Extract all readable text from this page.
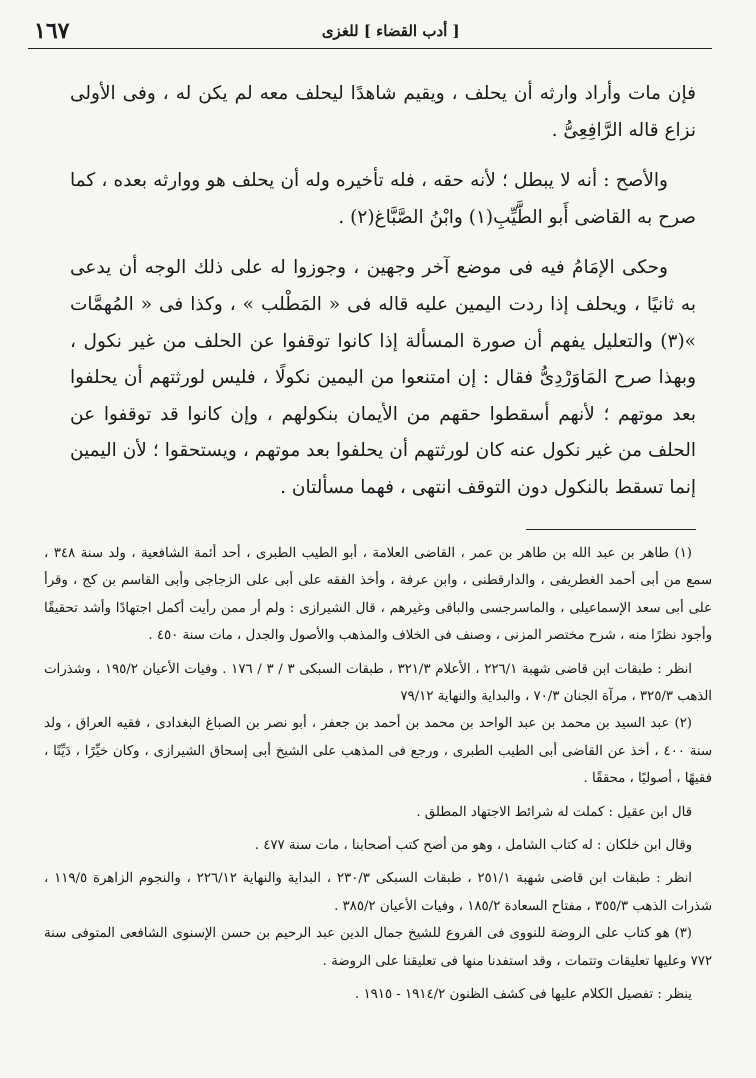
[ أدب القضاء ] للغزى
١٦٧

فإن مات وأراد وارثه أن يحلف ، ويقيم شاهدًا ليحلف معه لم يكن له ، وفى الأولى نزاع قاله الرَّافِعِىُّ .

والأصح : أنه لا يبطل ؛ لأنه حقه ، فله تأخيره وله أن يحلف هو ووارثه بعده ، كما صرح به القاضى أَبو الطَّيِّبِ(١) وابْنُ الصَّبَّاغ(٢) .

وحكى الإمَامُ فيه فى موضع آخر وجهين ، وجوزوا له على ذلك الوجه أن يدعى به ثانيًا ، ويحلف إذا ردت اليمين عليه قاله فى « المَطْلب » ، وكذا فى « المُهمَّات »(٣) والتعليل يفهم أن صورة المسألة إذا كانوا توقفوا عن الحلف من غير نكول ، وبهذا صرح المَاوَرْدِىُّ فقال : إن امتنعوا من اليمين نكولًا ، فليس لورثتهم أن يحلفوا بعد موتهم ؛ لأنهم أسقطوا حقهم من الأيمان بنكولهم ، وإن كانوا قد توقفوا عن الحلف من غير نكول عنه كان لورثتهم أن يحلفوا بعد موتهم ، ويستحقوا ؛ لأن اليمين إنما تسقط بالنكول دون التوقف انتهى ، فهما مسألتان .

(١) طاهر بن عبد الله بن طاهر بن عمر ، القاضى العلامة ، أبو الطيب الطبرى ، أحد أئمة الشافعية ، ولد سنة ٣٤٨ ، سمع من أبى أحمد الغطريفى ، والدارقطنى ، وابن عرفة ، وأخذ الفقه على أبى على الزجاجى وأبى القاسم بن كج ، وقرأ على أبى سعد الإسماعيلى ، والماسرجسى والباقى وغيرهم ، قال الشيرازى : ولم أر ممن رأيت أكمل اجتهادًا وأشد تحقيقًا وأجود نظرًا منه ، شرح مختصر المزنى ، وصنف فى الخلاف والمذهب والأصول والجدل ، مات سنة ٤٥٠ .

انظر : طبقات ابن قاضى شهبة ٢٢٦/١ ، الأعلام ٣٢١/٣ ، طبقات السبكى ٣ / ٣ / ١٧٦ . وفيات الأعيان ١٩٥/٢ ، وشذرات الذهب ٣٢٥/٣ ، مرآة الجنان ٧٠/٣ ، والبداية والنهاية ٧٩/١٢

(٢) عبد السيد بن محمد بن عبد الواحد بن محمد بن أحمد بن جعفر ، أبو نصر بن الصباغ البغدادى ، فقيه العراق ، ولد سنة ٤٠٠ ، أخذ عن القاضى أبى الطيب الطبرى ، ورجع فى المذهب على الشيخ أبى إسحاق الشيرازى ، وكان خيِّرًا ، دَيِّنًا ، فقيهًا ، أصوليًا ، محققًا .

قال ابن عقيل : كملت له شرائط الاجتهاد المطلق .

وقال ابن خلكان : له كتاب الشامل ، وهو من أصح كتب أصحابنا ، مات سنة ٤٧٧ .

انظر : طبقات ابن قاضى شهبة ٢٥١/١ ، طبقات السبكى ٢٣٠/٣ ، البداية والنهاية ٢٢٦/١٢ ، والنجوم الزاهرة ١١٩/٥ ، شذرات الذهب ٣٥٥/٣ ، مفتاح السعادة ١٨٥/٢ ، وفيات الأعيان ٣٨٥/٢ .

(٣) هو كتاب على الروضة للنووى فى الفروع للشيخ جمال الدين عبد الرحيم بن حسن الإسنوى الشافعى المتوفى سنة ٧٧٢ وعليها تعليقات وتتمات ، وقد استفدنا منها فى تعليقنا على الروضة .

ينظر : تفصيل الكلام عليها فى كشف الظنون ١٩١٤/٢ - ١٩١٥ .
